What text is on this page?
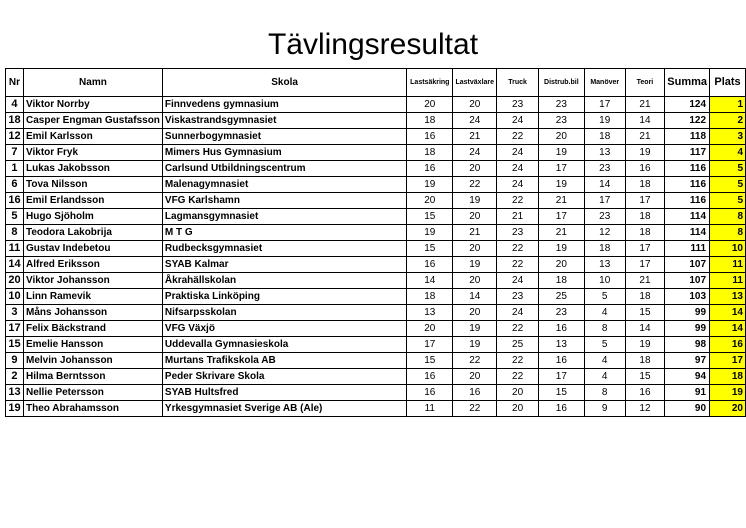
Tävlingsresultat
Nr	Namn	Skola	Lastsäkring	Lastväxlare	Truck	Distrub.bil	Manöver	Teori	Summa	Plats
4	Viktor Norrby	Finnvedens gymnasium	20	20	23	23	17	21	124	1
18	Casper Engman Gustafsson	Viskastrandsgymnasiet	18	24	24	23	19	14	122	2
12	Emil Karlsson	Sunnerbogymnasiet	16	21	22	20	18	21	118	3
7	Viktor Fryk	Mimers Hus Gymnasium	18	24	24	19	13	19	117	4
1	Lukas Jakobsson	Carlsund Utbildningscentrum	16	20	24	17	23	16	116	5
6	Tova Nilsson	Malenagymnasiet	19	22	24	19	14	18	116	5
16	Emil Erlandsson	VFG Karlshamn	20	19	22	21	17	17	116	5
5	Hugo Sjöholm	Lagmansgymnasiet	15	20	21	17	23	18	114	8
8	Teodora Lakobrija	M T G	19	21	23	21	12	18	114	8
11	Gustav Indebetou	Rudbecksgymnasiet	15	20	22	19	18	17	111	10
14	Alfred Eriksson	SYAB Kalmar	16	19	22	20	13	17	107	11
20	Viktor Johansson	Åkrahällskolan	14	20	24	18	10	21	107	11
10	Linn Ramevik	Praktiska Linköping	18	14	23	25	5	18	103	13
3	Måns Johansson	Nifsarpsskolan	13	20	24	23	4	15	99	14
17	Felix Bäckstrand	VFG Växjö	20	19	22	16	8	14	99	14
15	Emelie Hansson	Uddevalla Gymnasieskola	17	19	25	13	5	19	98	16
9	Melvin Johansson	Murtans Trafikskola AB	15	22	22	16	4	18	97	17
2	Hilma Berntsson	Peder Skrivare Skola	16	20	22	17	4	15	94	18
13	Nellie Petersson	SYAB Hultsfred	16	16	20	15	8	16	91	19
19	Theo Abrahamsson	Yrkesgymnasiet Sverige AB (Ale)	11	22	20	16	9	12	90	20
